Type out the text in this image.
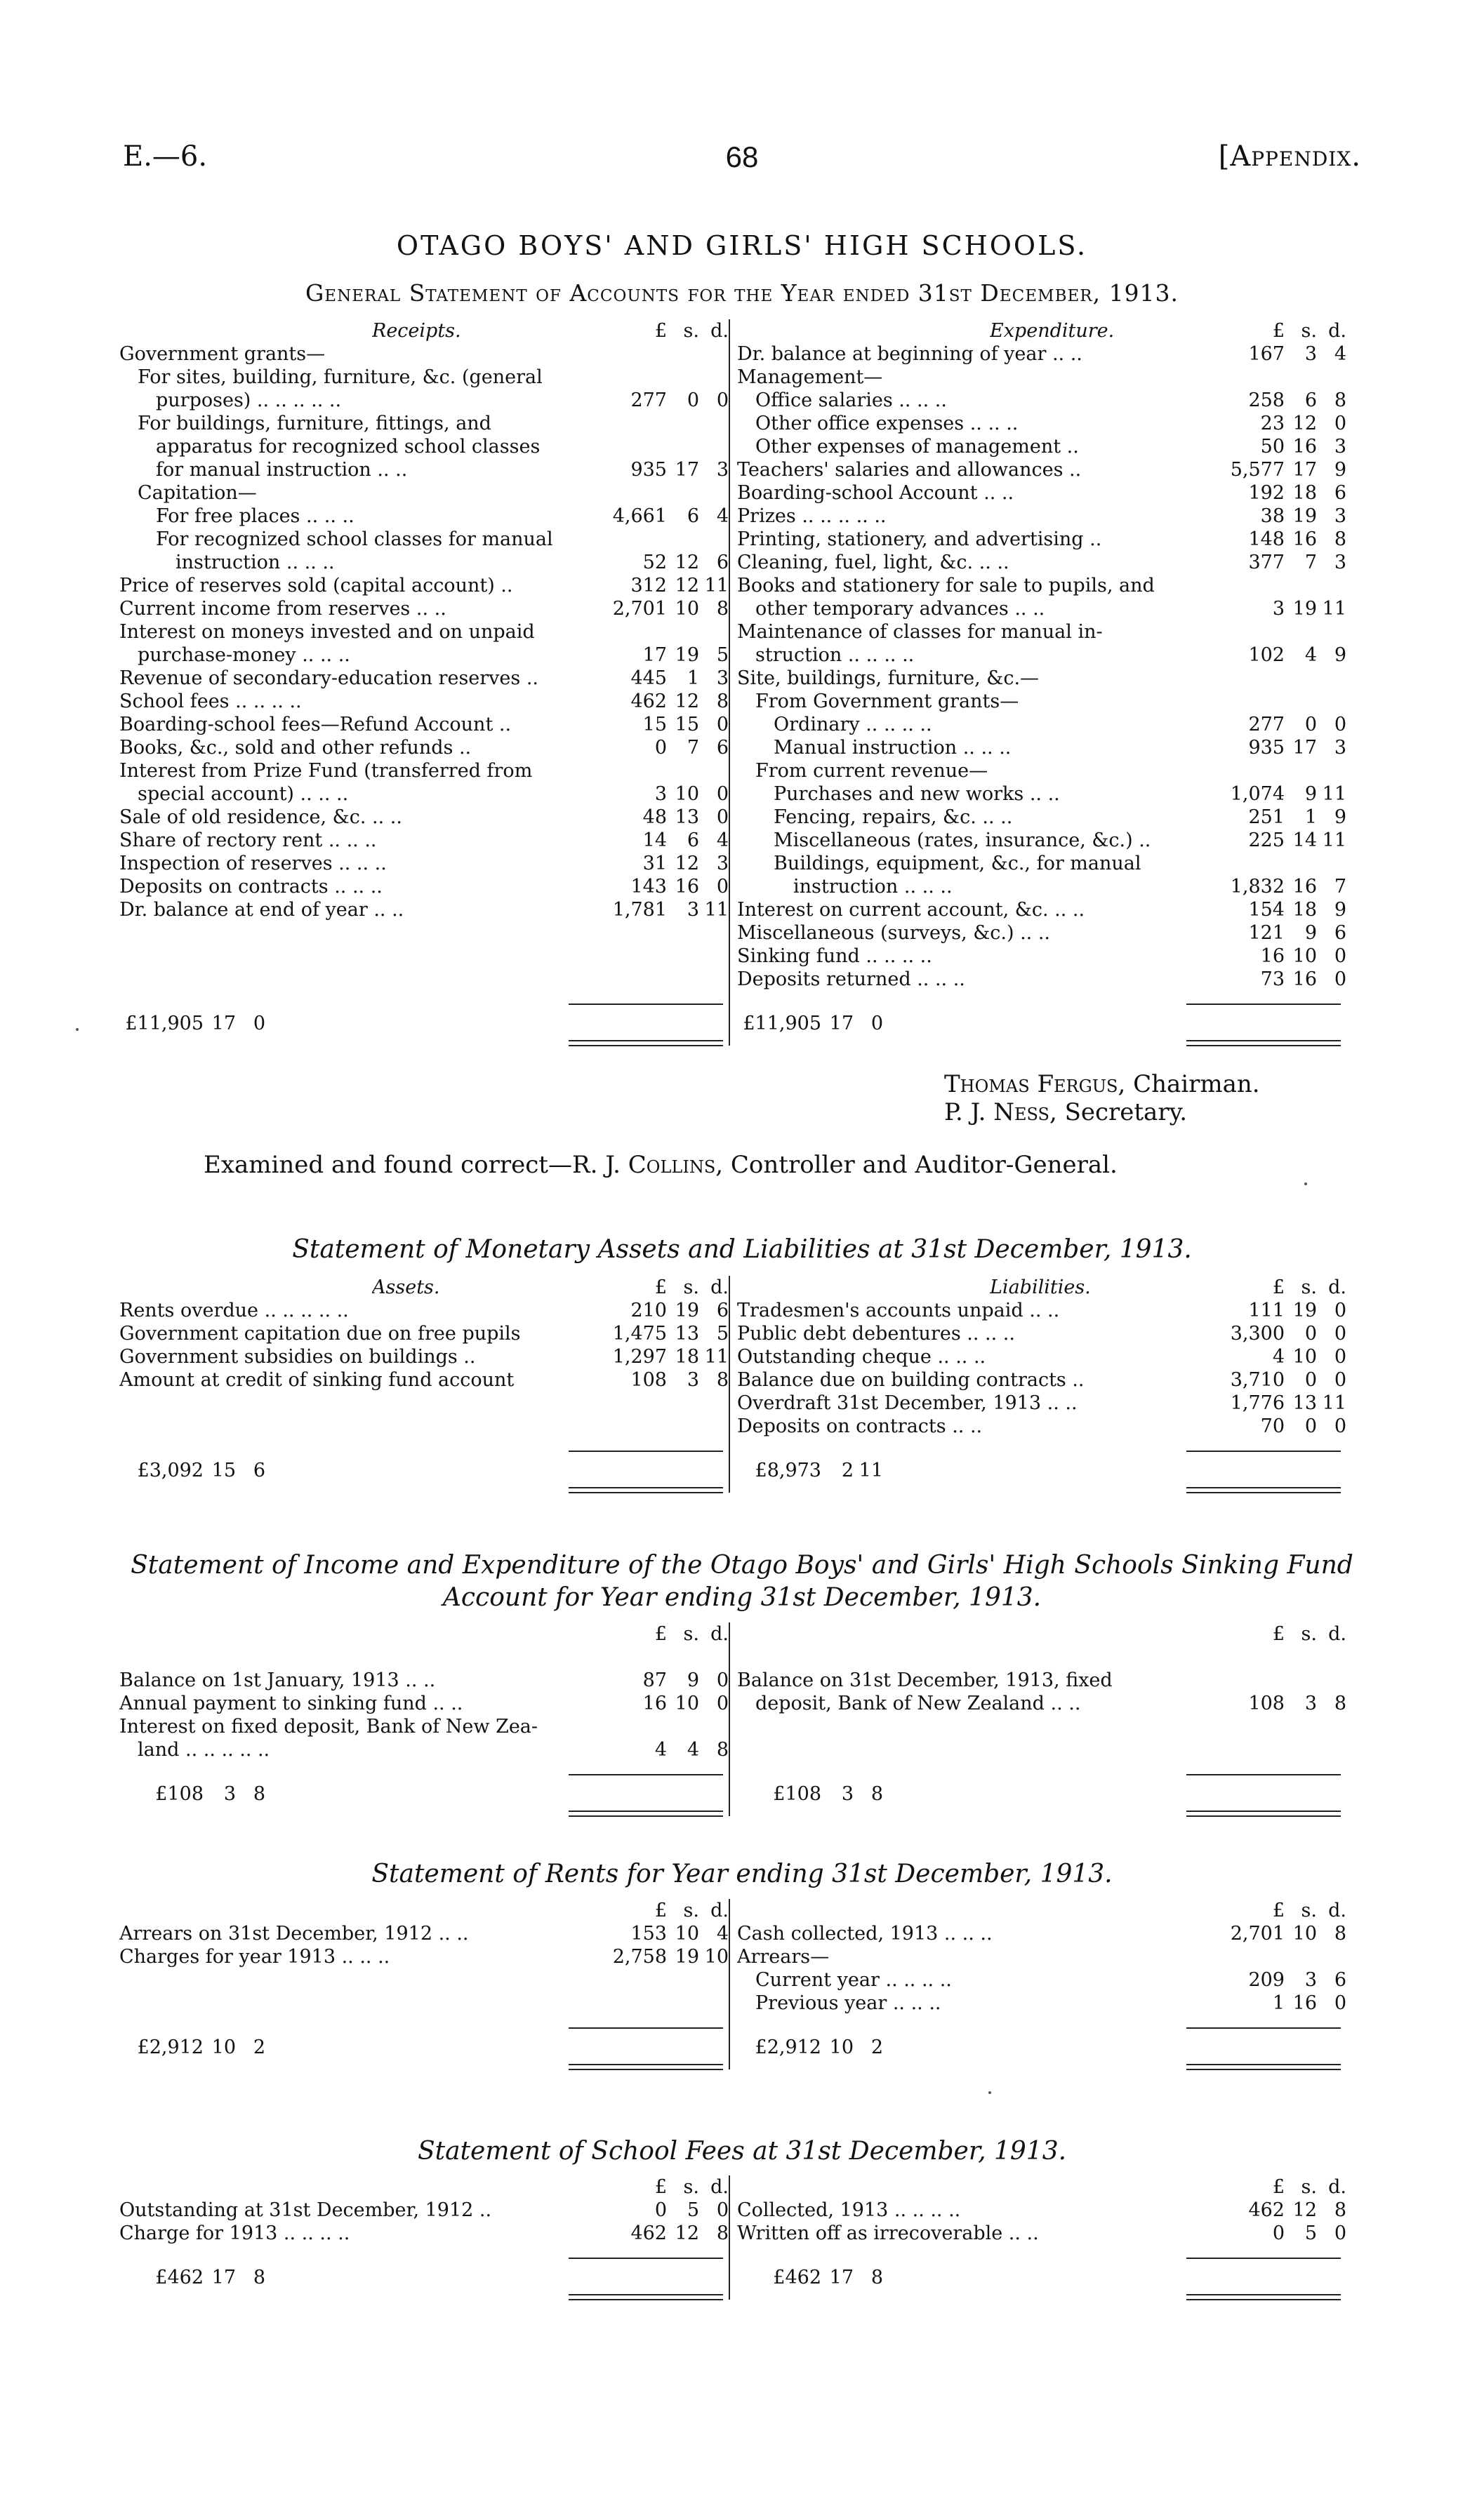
E.—6.	68	[Appendix.
OTAGO BOYS' AND GIRLS' HIGH SCHOOLS.
General Statement of Accounts for the Year ended 31st December, 1913.
Receipts.	£ s. d.
Government grants—
For sites, building, furniture, &c. (general
purposes) .. .. .. .. ..	277	0 0
For buildings, furniture, fittings, and
apparatus for recognized school classes
for manual instruction .. ..	935 17 3
Capitation—
For free places .. .. ..	4,661	6 4
For recognized school classes for manual
instruction .. .. ..	52 12 6
Price of reserves sold (capital account) ..	312 12 11
Current income from reserves .. ..	2,701 10 8
Interest on moneys invested and on unpaid
purchase-money .. .. ..	17 19 5
Revenue of secondary-education reserves ..	445	1 3
School fees .. .. .. ..	462 12 8
Boarding-school fees—Refund Account ..	15 15 0
Books, &c., sold and other refunds ..	0	7 6
Interest from Prize Fund (transferred from
special account) .. .. ..	3 10 0
Sale of old residence, &c. .. ..	48 13 0
Share of rectory rent .. .. ..	14	6 4
Inspection of reserves .. .. ..	31 12 3
Deposits on contracts .. .. ..	143 16 0
Dr. balance at end of year .. ..	1,781	3 11
Expenditure.	£ s. d.
Dr. balance at beginning of year .. ..	167	3 4
Management—
Office salaries .. .. ..	258	6 8
Other office expenses .. .. ..	23 12 0
Other expenses of management ..	50 16 3
Teachers' salaries and allowances ..	5,577 17 9
Boarding-school Account .. ..	192 18 6
Prizes .. .. .. .. ..	38 19 3
Printing, stationery, and advertising ..	148 16 8
Cleaning, fuel, light, &c. .. ..	377	7 3
Books and stationery for sale to pupils, and
other temporary advances .. ..	3 19 11
Maintenance of classes for manual in-
struction .. .. .. ..	102	4 9
Site, buildings, furniture, &c.—
From Government grants—
Ordinary .. .. .. ..	277	0 0
Manual instruction .. .. ..	935 17 3
From current revenue—
Purchases and new works .. ..	1,074	9 11
Fencing, repairs, &c. .. ..	251	1 9
Miscellaneous (rates, insurance, &c.) ..	225 14 11
Buildings, equipment, &c., for manual
instruction .. .. ..	1,832 16 7
Interest on current account, &c. .. ..	154 18 9
Miscellaneous (surveys, &c.) .. ..	121	9 6
Sinking fund .. .. .. ..	16 10 0
Deposits returned .. .. ..	73 16 0
£11,905 17 0	£11,905 17 0
Thomas Fergus, Chairman.
P. J. Ness, Secretary.
Examined and found correct—R. J. Collins, Controller and Auditor-General.
Statement of Monetary Assets and Liabilities at 31st December, 1913.
Assets.	£ s. d.
Rents overdue .. .. .. .. ..	210 19 6
Government capitation due on free pupils	1,475 13 5
Government subsidies on buildings ..	1,297 18 11
Amount at credit of sinking fund account	108	3 8
Liabilities.	£ s. d.
Tradesmen's accounts unpaid .. ..	111 19 0
Public debt debentures .. .. ..	3,300	0 0
Outstanding cheque .. .. ..	4 10 0
Balance due on building contracts ..	3,710	0 0
Overdraft 31st December, 1913 .. ..	1,776 13 11
Deposits on contracts .. ..	70	0 0
£3,092 15 6	£8,973	2 11
Statement of Income and Expenditure of the Otago Boys' and Girls' High Schools Sinking Fund
Account for Year ending 31st December, 1913.
£ s. d.
Balance on 1st January, 1913 .. ..	87	9 0
Annual payment to sinking fund .. ..	16 10 0
Interest on fixed deposit, Bank of New Zea-
land .. .. .. .. ..	4	4 8
£ s. d.
Balance on 31st December, 1913, fixed
deposit, Bank of New Zealand .. ..	108	3 8
£108	3 8	£108	3 8
Statement of Rents for Year ending 31st December, 1913.
£ s. d.
Arrears on 31st December, 1912 .. ..	153 10 4
Charges for year 1913 .. .. ..	2,758 19 10
£ s. d.
Cash collected, 1913 .. .. ..	2,701 10 8
Arrears—
Current year .. .. .. ..	209	3 6
Previous year .. .. ..	1 16 0
£2,912 10 2	£2,912 10 2
Statement of School Fees at 31st December, 1913.
£ s. d.
Outstanding at 31st December, 1912 ..	0	5 0
Charge for 1913 .. .. .. ..	462 12 8
£ s. d.
Collected, 1913 .. .. .. ..	462 12 8
Written off as irrecoverable .. ..	0	5 0
£462 17 8	£462 17 8
